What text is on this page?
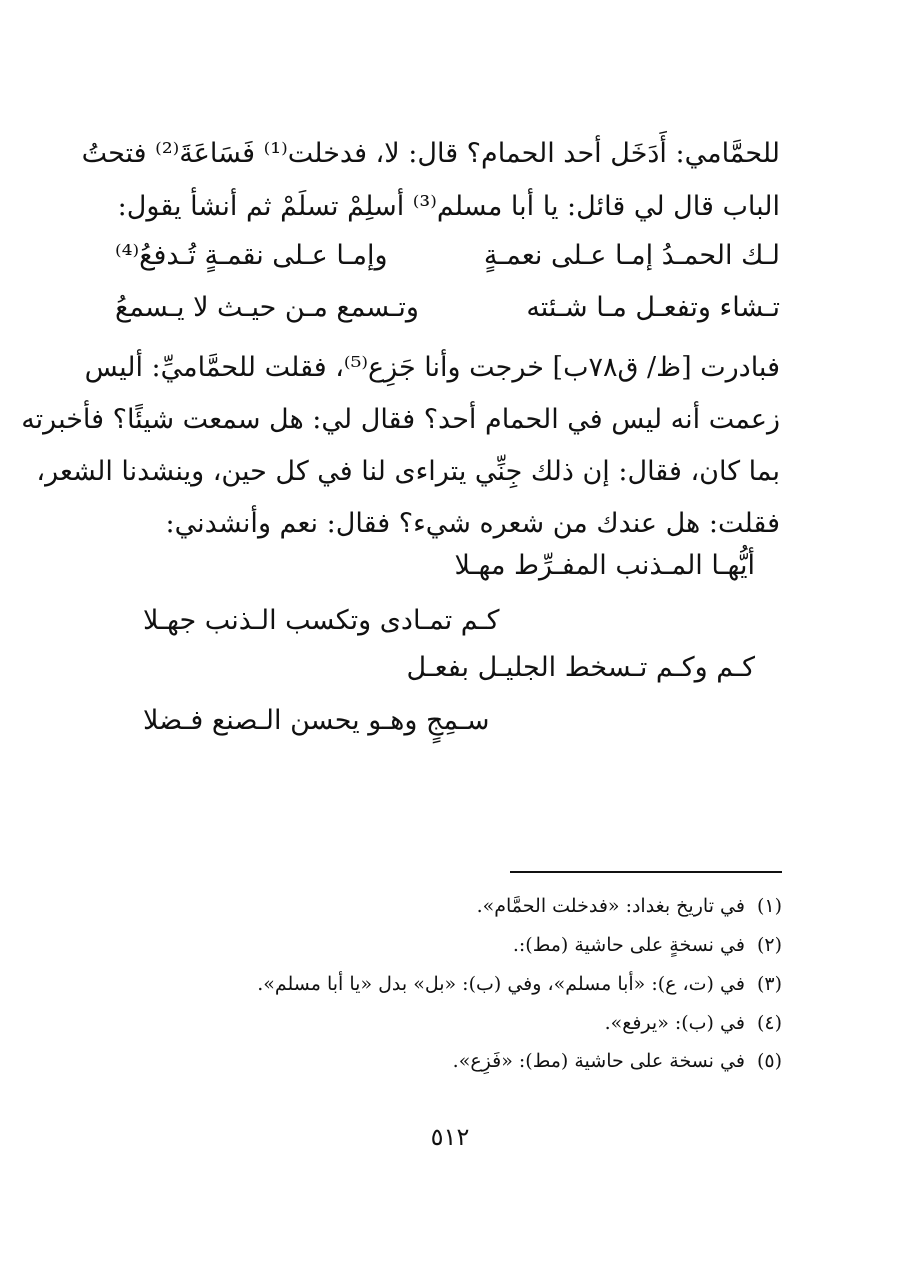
للحمَّامي: أَدَخَل أحد الحمام؟ قال: لا، فدخلت⁽¹⁾ فَسَاعَةَ⁽²⁾ فتحتُ
الباب قال لي قائل: يا أبا مسلم⁽³⁾ أسلِمْ تسلَمْ ثم أنشأ يقول:
لـك الحمـدُ إمـا عـلى نعمـةٍ
وإمـا عـلى نقمـةٍ تُـدفعُ⁽⁴⁾
تـشاء وتفعـل مـا شـئته
وتـسمع مـن حيـث لا يـسمعُ
فبادرت [ظ/ ق٧٨ب] خرجت وأنا جَزِع⁽⁵⁾، فقلت للحمَّاميِّ: أليس
زعمت أنه ليس في الحمام أحد؟ فقال لي: هل سمعت شيئًا؟ فأخبرته
بما كان، فقال: إن ذلك جِنِّي يتراءى لنا في كل حين، وينشدنا الشعر،
فقلت: هل عندك من شعره شيء؟ فقال: نعم وأنشدني:
أيُّهـا المـذنب المفـرِّط مهـلا
كـم تمـادى وتكسب الـذنب جهـلا
كـم وكـم تـسخط الجليـل بفعـل
سـمِجٍ وهـو يحسن الـصنع فـضلا
(١)في تاريخ بغداد: «فدخلت الحمَّام».
(٢)في نسخةٍ على حاشية (مط):.
(٣)في (ت، ع): «أبا مسلم»، وفي (ب): «بل» بدل «يا أبا مسلم».
(٤)في (ب): «يرفع».
(٥)في نسخة على حاشية (مط): «فَزِع».
٥١٢
